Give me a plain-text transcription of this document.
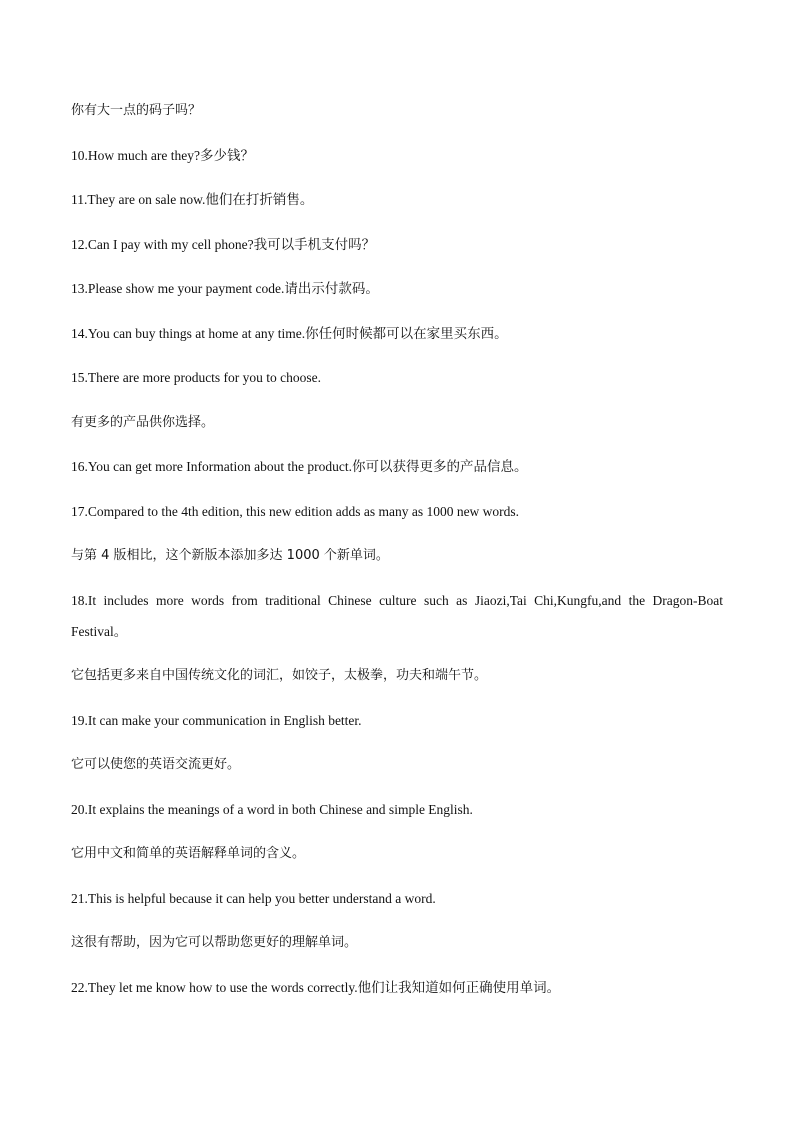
你有大一点的码子吗？
10.How much are they?多少钱？
11.They are on sale now.他们在打折销售。
12.Can I pay with my cell phone?我可以手机支付吗？
13.Please show me your payment code.请出示付款码。
14.You can buy things at home at any time.你任何时候都可以在家里买东西。
15.There are more products for you to choose.
有更多的产品供你选择。
16.You can get more Information about the product.你可以获得更多的产品信息。
17.Compared to the 4th edition, this new edition adds as many as 1000 new words.
与第 4 版相比，这个新版本添加多达 1000 个新单词。
18.It includes more words from traditional Chinese culture such as Jiaozi,Tai Chi,Kungfu,and the Dragon-Boat
Festival。
它包括更多来自中国传统文化的词汇，如饺子，太极拳，功夫和端午节。
19.It can make your communication in English better.
它可以使您的英语交流更好。
20.It explains the meanings of a word in both Chinese and simple English.
它用中文和简单的英语解释单词的含义。
21.This is helpful because it can help you better understand a word.
这很有帮助，因为它可以帮助您更好的理解单词。
22.They let me know how to use the words correctly.他们让我知道如何正确使用单词。
